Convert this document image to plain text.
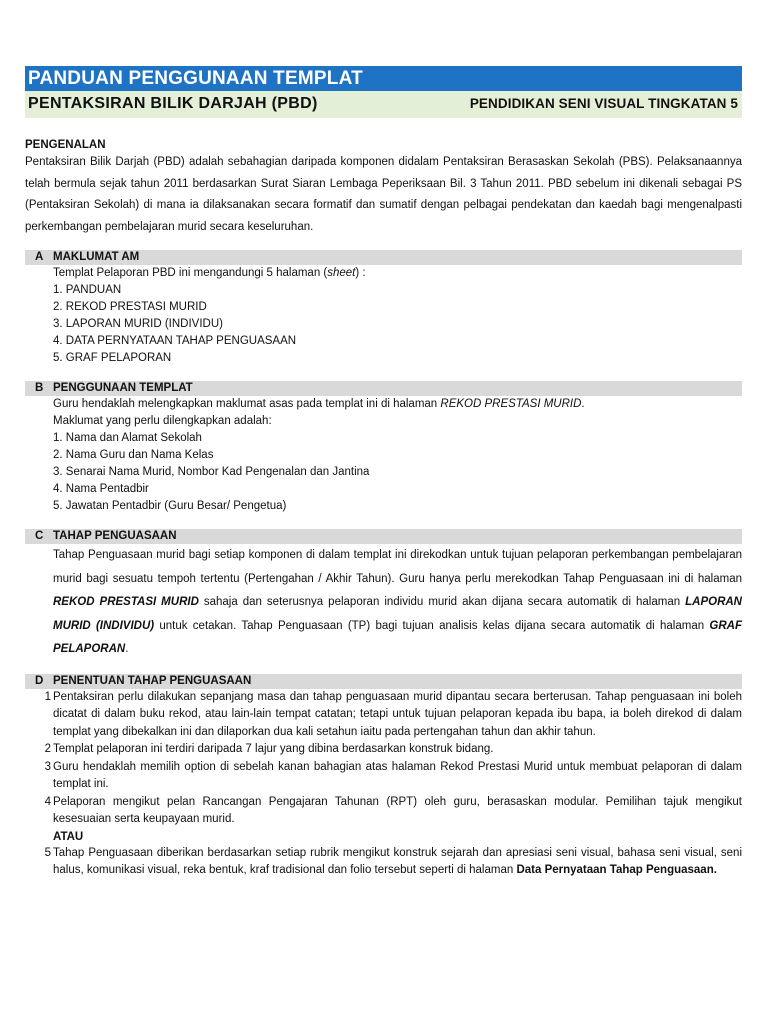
PANDUAN PENGGUNAAN TEMPLAT
PENTAKSIRAN BILIK DARJAH (PBD)	PENDIDIKAN SENI VISUAL TINGKATAN 5
PENGENALAN
Pentaksiran Bilik Darjah (PBD) adalah sebahagian daripada komponen didalam Pentaksiran Berasaskan Sekolah (PBS). Pelaksanaannya telah bermula sejak tahun 2011 berdasarkan Surat Siaran Lembaga Peperiksaan Bil. 3 Tahun 2011. PBD sebelum ini dikenali sebagai PS (Pentaksiran Sekolah) di mana ia dilaksanakan secara formatif dan sumatif dengan pelbagai pendekatan dan kaedah bagi mengenalpasti perkembangan pembelajaran murid secara keseluruhan.
A MAKLUMAT AM
Templat Pelaporan PBD ini mengandungi 5 halaman (sheet) :
1. PANDUAN
2. REKOD PRESTASI MURID
3. LAPORAN MURID (INDIVIDU)
4. DATA PERNYATAAN TAHAP PENGUASAAN
5. GRAF PELAPORAN
B PENGGUNAAN TEMPLAT
Guru hendaklah melengkapkan maklumat asas pada templat ini di halaman REKOD PRESTASI MURID.
Maklumat yang perlu dilengkapkan adalah:
1. Nama dan Alamat Sekolah
2. Nama Guru dan Nama Kelas
3. Senarai Nama Murid, Nombor Kad Pengenalan dan Jantina
4. Nama Pentadbir
5. Jawatan Pentadbir (Guru Besar/ Pengetua)
C TAHAP PENGUASAAN
Tahap Penguasaan murid bagi setiap komponen di dalam templat ini direkodkan untuk tujuan pelaporan perkembangan pembelajaran murid bagi sesuatu tempoh tertentu (Pertengahan / Akhir Tahun). Guru hanya perlu merekodkan Tahap Penguasaan ini di halaman REKOD PRESTASI MURID sahaja dan seterusnya pelaporan individu murid akan dijana secara automatik di halaman LAPORAN MURID (INDIVIDU) untuk cetakan. Tahap Penguasaan (TP) bagi tujuan analisis kelas dijana secara automatik di halaman GRAF PELAPORAN.
D PENENTUAN TAHAP PENGUASAAN
1 Pentaksiran perlu dilakukan sepanjang masa dan tahap penguasaan murid dipantau secara berterusan. Tahap penguasaan ini boleh dicatat di dalam buku rekod, atau lain-lain tempat catatan; tetapi untuk tujuan pelaporan kepada ibu bapa, ia boleh direkod di dalam templat yang dibekalkan ini dan dilaporkan dua kali setahun iaitu pada pertengahan tahun dan akhir tahun.
2 Templat pelaporan ini terdiri daripada 7 lajur yang dibina berdasarkan konstruk bidang.
3 Guru hendaklah memilih option di sebelah kanan bahagian atas halaman Rekod Prestasi Murid untuk membuat pelaporan di dalam templat ini.
4 Pelaporan mengikut pelan Rancangan Pengajaran Tahunan (RPT) oleh guru, berasaskan modular. Pemilihan tajuk mengikut kesesuaian serta keupayaan murid.
ATAU
5 Tahap Penguasaan diberikan berdasarkan setiap rubrik mengikut konstruk sejarah dan apresiasi seni visual, bahasa seni visual, seni halus, komunikasi visual, reka bentuk, kraf tradisional dan folio tersebut seperti di halaman Data Pernyataan Tahap Penguasaan.
